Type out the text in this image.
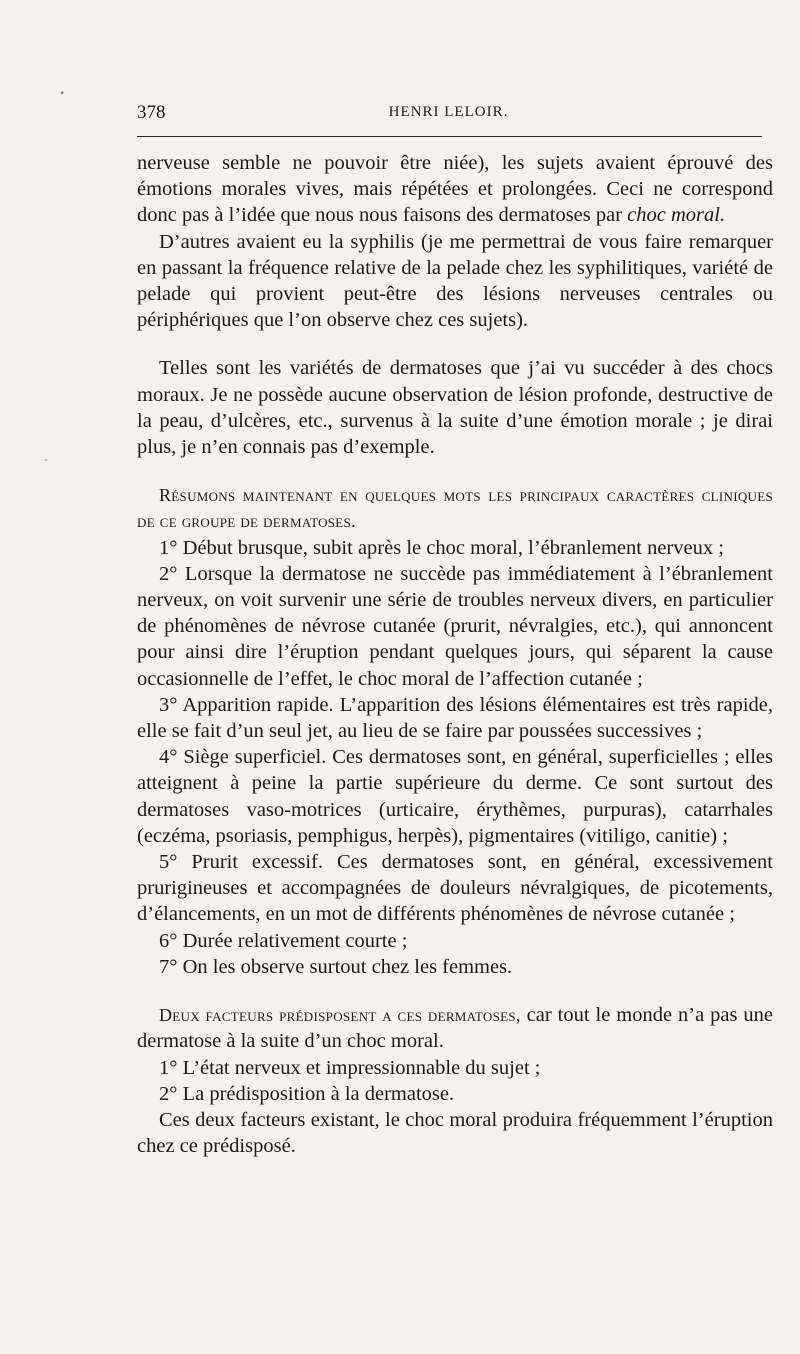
378	HENRI LELOIR.

nerveuse semble ne pouvoir être niée), les sujets avaient éprouvé des émotions morales vives, mais répétées et prolongées. Ceci ne correspond donc pas à l’idée que nous nous faisons des dermatoses par choc moral.

D’autres avaient eu la syphilis (je me permettrai de vous faire remarquer en passant la fréquence relative de la pelade chez les syphilitiques, variété de pelade qui provient peut-être des lésions nerveuses centrales ou périphériques que l’on observe chez ces sujets).

Telles sont les variétés de dermatoses que j’ai vu succéder à des chocs moraux. Je ne possède aucune observation de lésion profonde, destructive de la peau, d’ulcères, etc., survenus à la suite d’une émotion morale ; je dirai plus, je n’en connais pas d’exemple.

Résumons maintenant en quelques mots les principaux caractères cliniques de ce groupe de dermatoses.

1° Début brusque, subit après le choc moral, l’ébranlement nerveux ;

2° Lorsque la dermatose ne succède pas immédiatement à l’ébranlement nerveux, on voit survenir une série de troubles nerveux divers, en particulier de phénomènes de névrose cutanée (prurit, névralgies, etc.), qui annoncent pour ainsi dire l’éruption pendant quelques jours, qui séparent la cause occasionnelle de l’effet, le choc moral de l’affection cutanée ;

3° Apparition rapide. L’apparition des lésions élémentaires est très rapide, elle se fait d’un seul jet, au lieu de se faire par poussées successives ;

4° Siège superficiel. Ces dermatoses sont, en général, superficielles ; elles atteignent à peine la partie supérieure du derme. Ce sont surtout des dermatoses vaso-motrices (urticaire, érythèmes, purpuras), catarrhales (eczéma, psoriasis, pemphigus, herpès), pigmentaires (vitiligo, canitie) ;

5° Prurit excessif. Ces dermatoses sont, en général, excessivement prurigineuses et accompagnées de douleurs névralgiques, de picotements, d’élancements, en un mot de différents phénomènes de névrose cutanée ;

6° Durée relativement courte ;

7° On les observe surtout chez les femmes.

Deux facteurs prédisposent a ces dermatoses, car tout le monde n’a pas une dermatose à la suite d’un choc moral.

1° L’état nerveux et impressionnable du sujet ;

2° La prédisposition à la dermatose.

Ces deux facteurs existant, le choc moral produira fréquemment l’éruption chez ce prédisposé.

•
-
